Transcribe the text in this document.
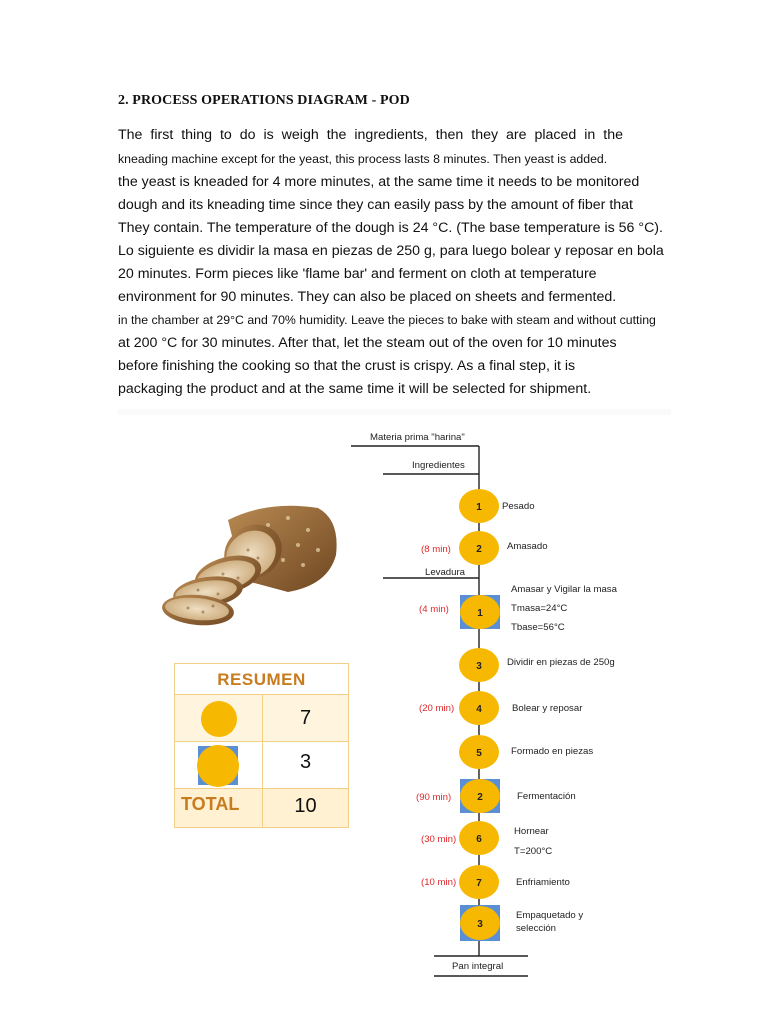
2. PROCESS OPERATIONS DIAGRAM - POD
The first thing to do is weigh the ingredients, then they are placed in the
kneading machine except for the yeast, this process lasts 8 minutes. Then yeast is added.
the yeast is kneaded for 4 more minutes, at the same time it needs to be monitored
dough and its kneading time since they can easily pass by the amount of fiber that
They contain. The temperature of the dough is 24 °C. (The base temperature is 56 °C).
Lo siguiente es dividir la masa en piezas de 250 g, para luego bolear y reposar en bola
20 minutes. Form pieces like 'flame bar' and ferment on cloth at temperature
environment for 90 minutes. They can also be placed on sheets and fermented.
in the chamber at 29°C and 70% humidity. Leave the pieces to bake with steam and without cutting
at 200 °C for 30 minutes. After that, let the steam out of the oven for 10 minutes
before finishing the cooking so that the crust is crispy. As a final step, it is
packaging the product and at the same time it will be selected for shipment.
RESUMEN
7
3
TOTAL	10
1
2
1
3
4
5
2
6
7
3
Materia prima "harina"
Ingredientes
Levadura
Pesado
Amasado
Amasar y Vigilar la masa
Tmasa=24°C
Tbase=56°C
Dividir en piezas de 250g
Bolear y reposar
Formado en piezas
Fermentación
Hornear
T=200°C
Enfriamiento
Empaquetado y
selección
(8 min)
(4 min)
(20 min)
(90 min)
(30 min)
(10 min)
Pan integral
